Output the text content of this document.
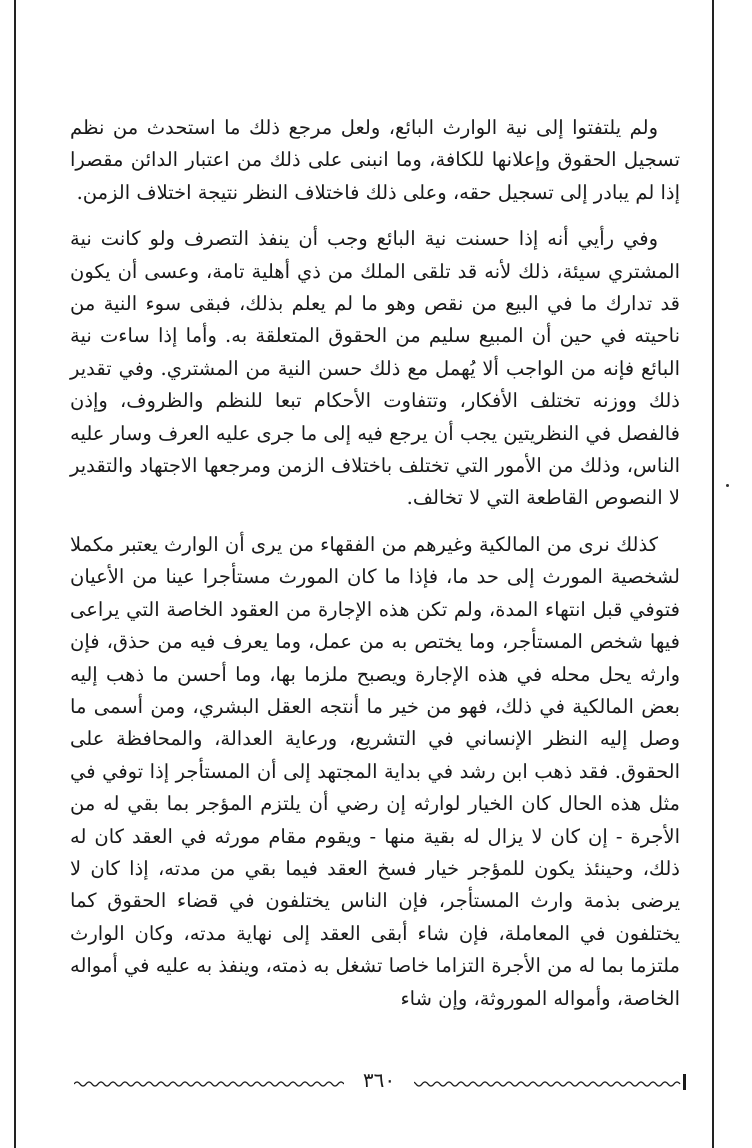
ولم يلتفتوا إلى نية الوارث البائع، ولعل مرجع ذلك ما استحدث من نظم تسجيل الحقوق وإعلانها للكافة، وما انبنى على ذلك من اعتبار الدائن مقصرا إذا لم يبادر إلى تسجيل حقه، وعلى ذلك فاختلاف النظر نتيجة اختلاف الزمن.

وفي رأيي أنه إذا حسنت نية البائع وجب أن ينفذ التصرف ولو كانت نية المشتري سيئة، ذلك لأنه قد تلقى الملك من ذي أهلية تامة، وعسى أن يكون قد تدارك ما في البيع من نقص وهو ما لم يعلم بذلك، فبقى سوء النية من ناحيته في حين أن المبيع سليم من الحقوق المتعلقة به. وأما إذا ساءت نية البائع فإنه من الواجب ألا يُهمل مع ذلك حسن النية من المشتري. وفي تقدير ذلك ووزنه تختلف الأفكار، وتتفاوت الأحكام تبعا للنظم والظروف، وإذن فالفصل في النظريتين يجب أن يرجع فيه إلى ما جرى عليه العرف وسار عليه الناس، وذلك من الأمور التي تختلف باختلاف الزمن ومرجعها الاجتهاد والتقدير لا النصوص القاطعة التي لا تخالف.

كذلك نرى من المالكية وغيرهم من الفقهاء من يرى أن الوارث يعتبر مكملا لشخصية المورث إلى حد ما، فإذا ما كان المورث مستأجرا عينا من الأعيان فتوفي قبل انتهاء المدة، ولم تكن هذه الإجارة من العقود الخاصة التي يراعى فيها شخص المستأجر، وما يختص به من عمل، وما يعرف فيه من حذق، فإن وارثه يحل محله في هذه الإجارة ويصبح ملزما بها، وما أحسن ما ذهب إليه بعض المالكية في ذلك، فهو من خير ما أنتجه العقل البشري، ومن أسمى ما وصل إليه النظر الإنساني في التشريع، ورعاية العدالة، والمحافظة على الحقوق. فقد ذهب ابن رشد في بداية المجتهد إلى أن المستأجر إذا توفي في مثل هذه الحال كان الخيار لوارثه إن رضي أن يلتزم المؤجر بما بقي له من الأجرة - إن كان لا يزال له بقية منها - ويقوم مقام مورثه في العقد كان له ذلك، وحينئذ يكون للمؤجر خيار فسخ العقد فيما بقي من مدته، إذا كان لا يرضى بذمة وارث المستأجر، فإن الناس يختلفون في قضاء الحقوق كما يختلفون في المعاملة، فإن شاء أبقى العقد إلى نهاية مدته، وكان الوارث ملتزما بما له من الأجرة التزاما خاصا تشغل به ذمته، وينفذ به عليه في أمواله الخاصة، وأمواله الموروثة، وإن شاء

٣٦٠
